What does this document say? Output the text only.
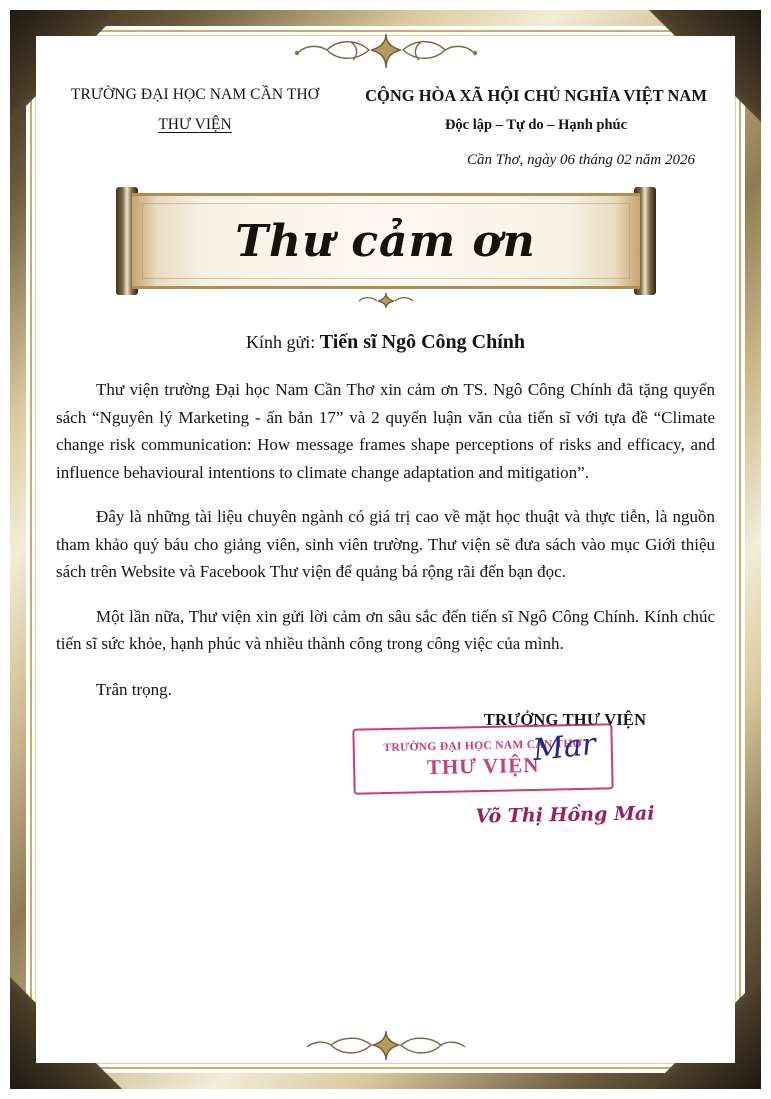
TRƯỜNG ĐẠI HỌC NAM CẦN THƠ
THƯ VIỆN
CỘNG HÒA XÃ HỘI CHỦ NGHĨA VIỆT NAM
Độc lập – Tự do – Hạnh phúc
Cần Thơ, ngày 06 tháng 02 năm 2026
Thư cảm ơn
Kính gửi: Tiến sĩ Ngô Công Chính

Thư viện trường Đại học Nam Cần Thơ xin cảm ơn TS. Ngô Công Chính đã tặng quyển sách “Nguyên lý Marketing - ấn bản 17” và 2 quyển luận văn của tiến sĩ với tựa đề “Climate change risk communication: How message frames shape perceptions of risks and efficacy, and influence behavioural intentions to climate change adaptation and mitigation”.

Đây là những tài liệu chuyên ngành có giá trị cao về mặt học thuật và thực tiễn, là nguồn tham khảo quý báu cho giảng viên, sinh viên trường. Thư viện sẽ đưa sách vào mục Giới thiệu sách trên Website và Facebook Thư viện để quảng bá rộng rãi đến bạn đọc.

Một lần nữa, Thư viện xin gửi lời cảm ơn sâu sắc đến tiến sĩ Ngô Công Chính. Kính chúc tiến sĩ sức khỏe, hạnh phúc và nhiều thành công trong công việc của mình.

Trân trọng.
TRƯỞNG THƯ VIỆN
TRƯỜNG ĐẠI HỌC NAM CẦN THƠ
THƯ VIỆN
Mar
Võ Thị Hồng Mai
